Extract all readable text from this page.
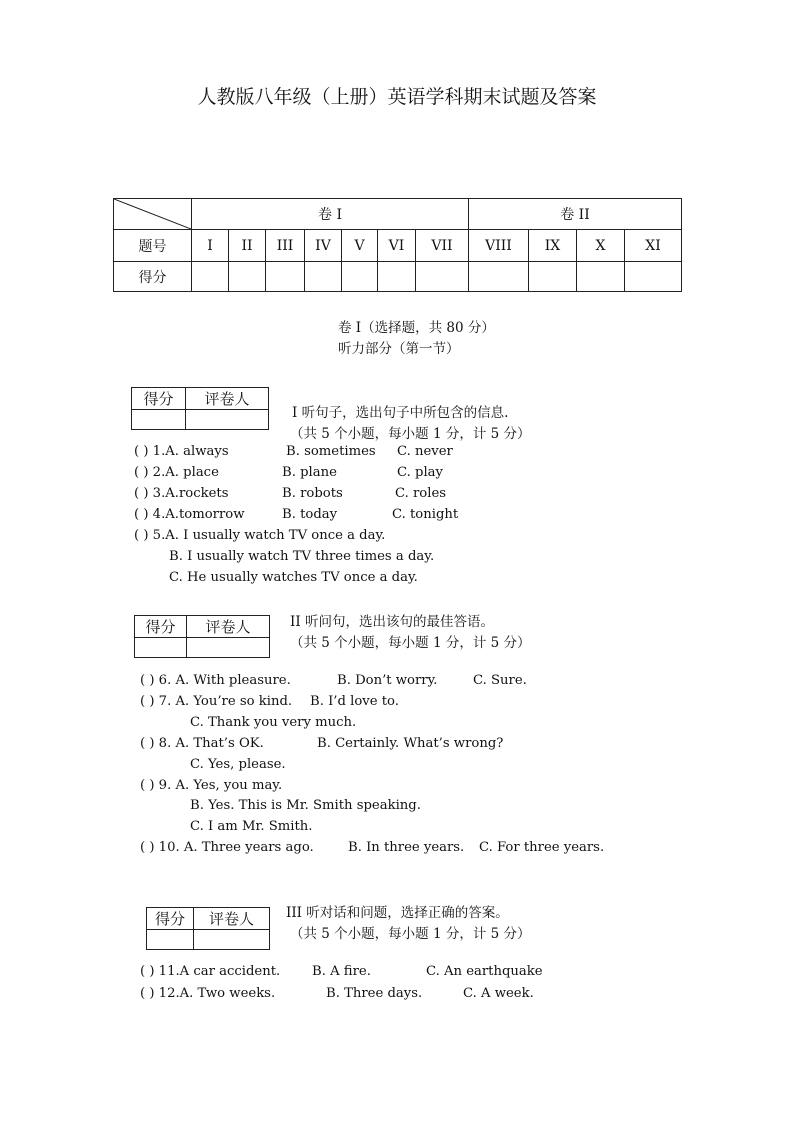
人教版八年级（上册）英语学科期末试题及答案
	卷 I							卷 II			
题号	I	II	III	IV	V	VI	VII	VIII	IX	X	XI
得分											
卷 I（选择题，共 80 分）
听力部分（第一节）
得分	评卷人

Ⅰ 听句子，选出句子中所包含的信息.
（共 5 个小题，每小题 1 分，计 5 分）
( ) 1.A. always	B. sometimes C. never
( ) 2.A. place	B. plane	C. play
( ) 3.A.rockets	B. robots	C. roles
( ) 4.A.tomorrow	B. today	C. tonight
( ) 5.A. I usually watch TV once a day.
B. I usually watch TV three times a day.
C. He usually watches TV once a day.
得分	评卷人
		II 听问句，选出该句的最佳答语。
（共 5 个小题，每小题 1 分，计 5 分）
( ) 6. A. With pleasure.	B. Don’t worry.	C. Sure.
( ) 7. A. You’re so kind. B. I’d love to.
C. Thank you very much.
( ) 8. A. That’s OK.	B. Certainly. What’s wrong?
C. Yes, please.
( ) 9. A. Yes, you may.
B. Yes. This is Mr. Smith speaking.
C. I am Mr. Smith.
( ) 10. A. Three years ago.	B. In three years. C. For three years.
得分	评卷人
	III 听对话和问题，选择正确的答案。
（共 5 个小题，每小题 1 分，计 5 分）
( ) 11.A car accident. B. A fire.	C. An earthquake
( ) 12.A. Two weeks.	B. Three days.	C. A week.
